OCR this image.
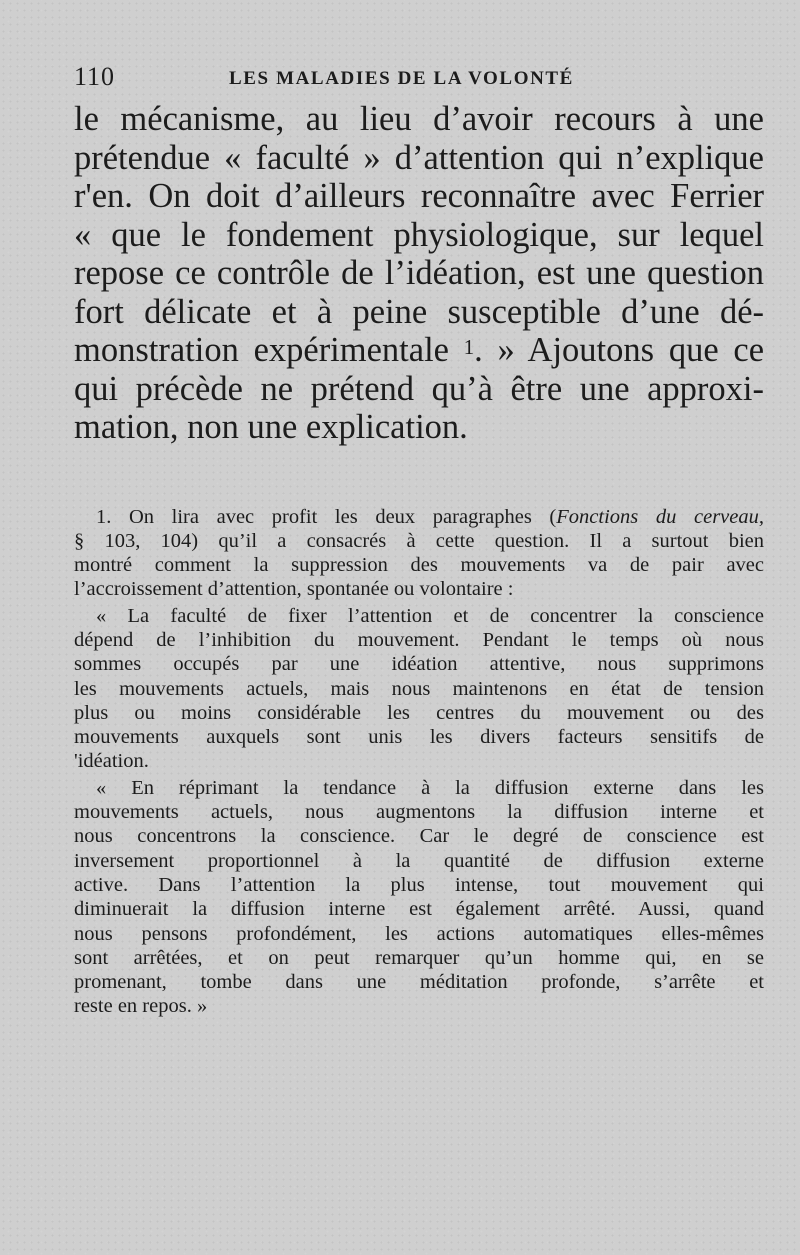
110	LES MALADIES DE LA VOLONTÉ

le mécanisme, au lieu d’avoir recours à une
prétendue « faculté » d’attention qui n’explique
r'en. On doit d’ailleurs reconnaître avec Ferrier
« que le fondement physiologique, sur lequel
repose ce contrôle de l’idéation, est une question
fort délicate et à peine susceptible d’une dé-
monstration expérimentale $^1$. » Ajoutons que ce
qui précède ne prétend qu’à être une approxi-
mation, non une explication.

1. On lira avec profit les deux paragraphes (Fonctions du cerveau,
§ 103, 104) qu’il a consacrés à cette question. Il a surtout bien
montré comment la suppression des mouvements va de pair avec
l’accroissement d’attention, spontanée ou volontaire :
« La faculté de fixer l’attention et de concentrer la conscience
dépend de l’inhibition du mouvement. Pendant le temps où nous
sommes occupés par une idéation attentive, nous supprimons
les mouvements actuels, mais nous maintenons en état de tension
plus ou moins considérable les centres du mouvement ou des
mouvements auxquels sont unis les divers facteurs sensitifs de
'idéation.
« En réprimant la tendance à la diffusion externe dans les
mouvements actuels, nous augmentons la diffusion interne et
nous concentrons la conscience. Car le degré de conscience est
inversement proportionnel à la quantité de diffusion externe
active. Dans l’attention la plus intense, tout mouvement qui
diminuerait la diffusion interne est également arrêté. Aussi, quand
nous pensons profondément, les actions automatiques elles-mêmes
sont arrêtées, et on peut remarquer qu’un homme qui, en se
promenant, tombe dans une méditation profonde, s’arrête et
reste en repos. »
